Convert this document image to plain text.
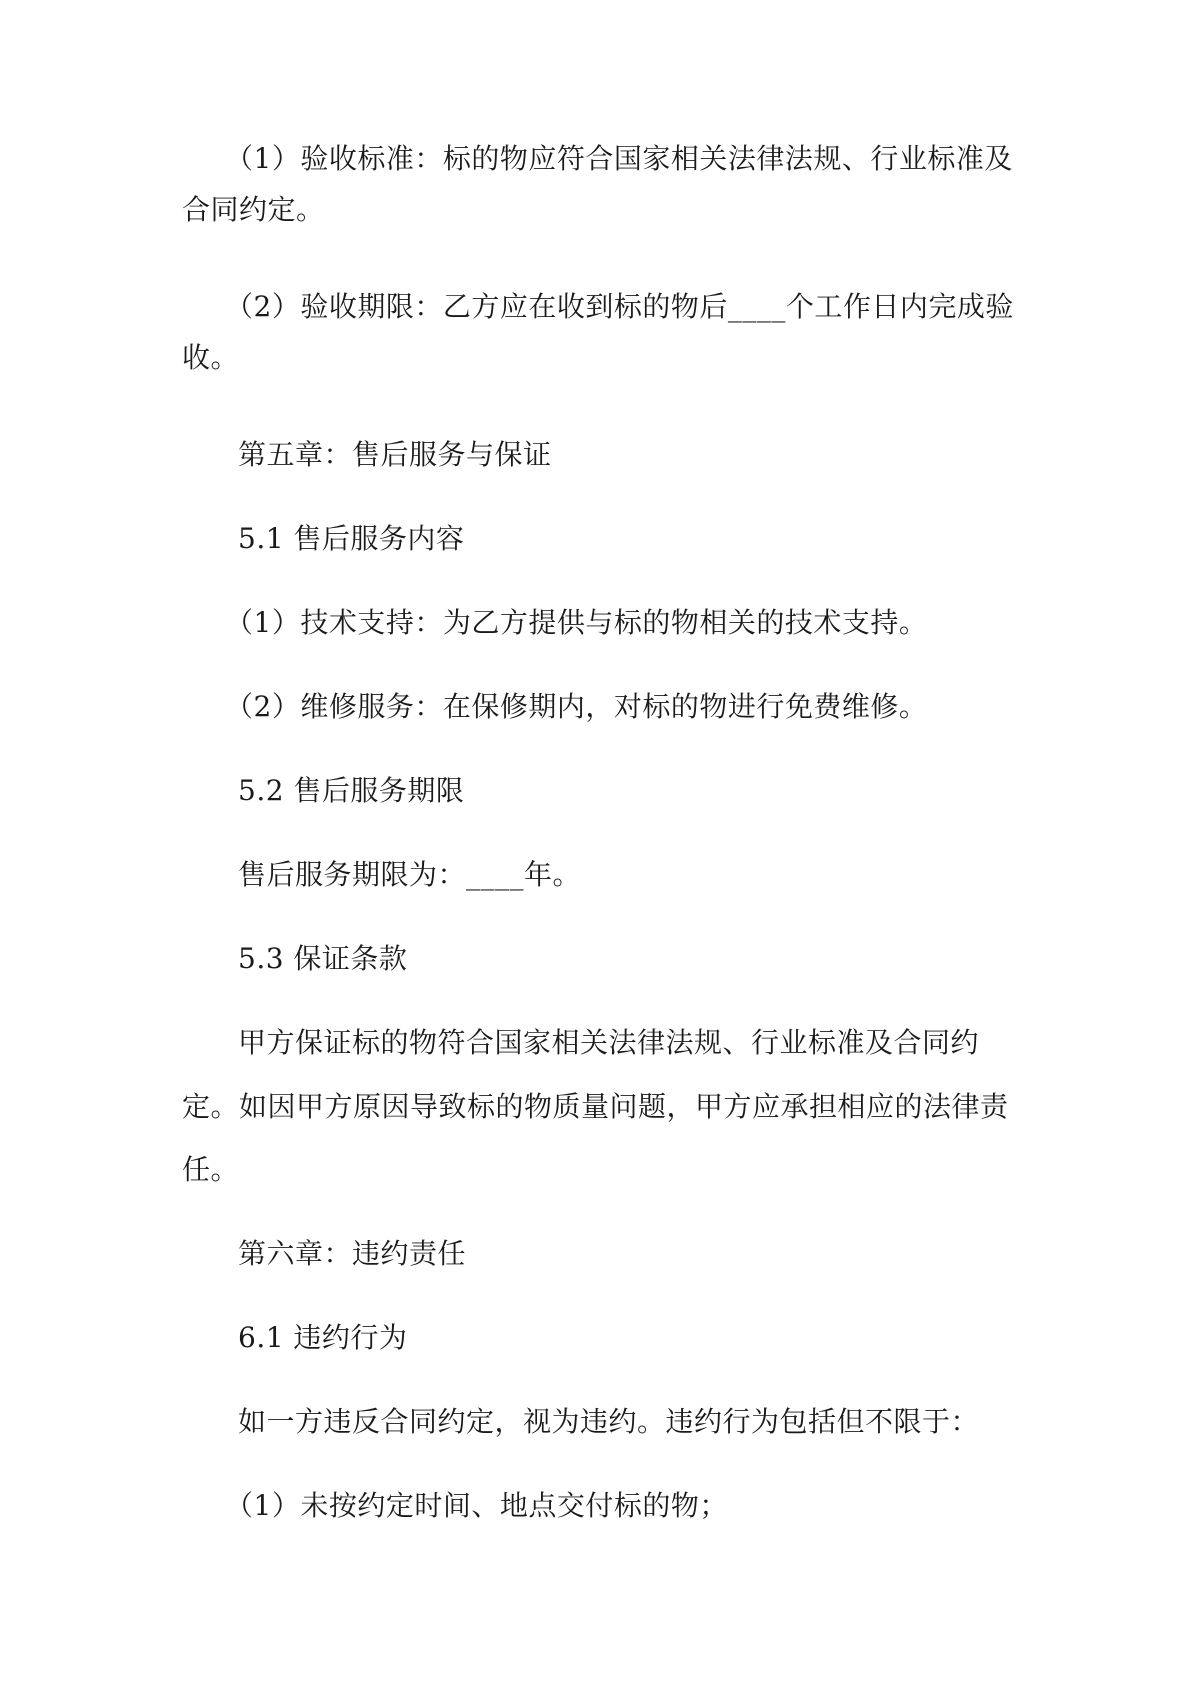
（1）验收标准：标的物应符合国家相关法律法规、行业标准及
合同约定。
（2）验收期限：乙方应在收到标的物后____个工作日内完成验
收。
第五章：售后服务与保证
5.1 售后服务内容
（1）技术支持：为乙方提供与标的物相关的技术支持。
（2）维修服务：在保修期内，对标的物进行免费维修。
5.2 售后服务期限
售后服务期限为：____年。
5.3 保证条款
甲方保证标的物符合国家相关法律法规、行业标准及合同约
定。如因甲方原因导致标的物质量问题，甲方应承担相应的法律责
任。
第六章：违约责任
6.1 违约行为
如一方违反合同约定，视为违约。违约行为包括但不限于：
（1）未按约定时间、地点交付标的物；
